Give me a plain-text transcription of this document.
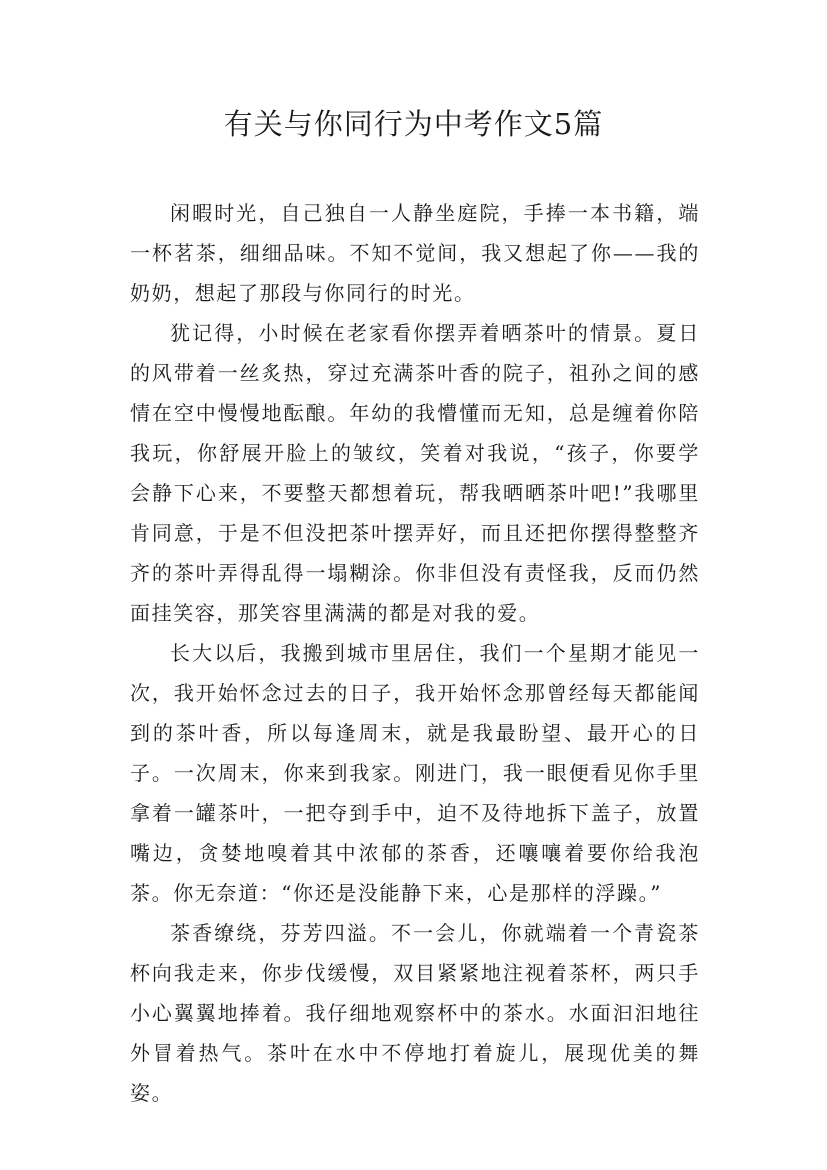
有关与你同行为中考作文5篇

闲暇时光，自己独自一人静坐庭院，手捧一本书籍，端一杯茗茶，细细品味。不知不觉间，我又想起了你——我的奶奶，想起了那段与你同行的时光。

犹记得，小时候在老家看你摆弄着晒茶叶的情景。夏日的风带着一丝炙热，穿过充满茶叶香的院子，祖孙之间的感情在空中慢慢地酝酿。年幼的我懵懂而无知，总是缠着你陪我玩，你舒展开脸上的皱纹，笑着对我说，“孩子，你要学会静下心来，不要整天都想着玩，帮我晒晒茶叶吧!”我哪里肯同意，于是不但没把茶叶摆弄好，而且还把你摆得整整齐齐的茶叶弄得乱得一塌糊涂。你非但没有责怪我，反而仍然面挂笑容，那笑容里满满的都是对我的爱。

长大以后，我搬到城市里居住，我们一个星期才能见一次，我开始怀念过去的日子，我开始怀念那曾经每天都能闻到的茶叶香，所以每逢周末，就是我最盼望、最开心的日子。一次周末，你来到我家。刚进门，我一眼便看见你手里拿着一罐茶叶，一把夺到手中，迫不及待地拆下盖子，放置嘴边，贪婪地嗅着其中浓郁的茶香，还嚷嚷着要你给我泡茶。你无奈道：“你还是没能静下来，心是那样的浮躁。”

茶香缭绕，芬芳四溢。不一会儿，你就端着一个青瓷茶杯向我走来，你步伐缓慢，双目紧紧地注视着茶杯，两只手小心翼翼地捧着。我仔细地观察杯中的茶水。水面汩汩地往外冒着热气。茶叶在水中不停地打着旋儿，展现优美的舞姿。
